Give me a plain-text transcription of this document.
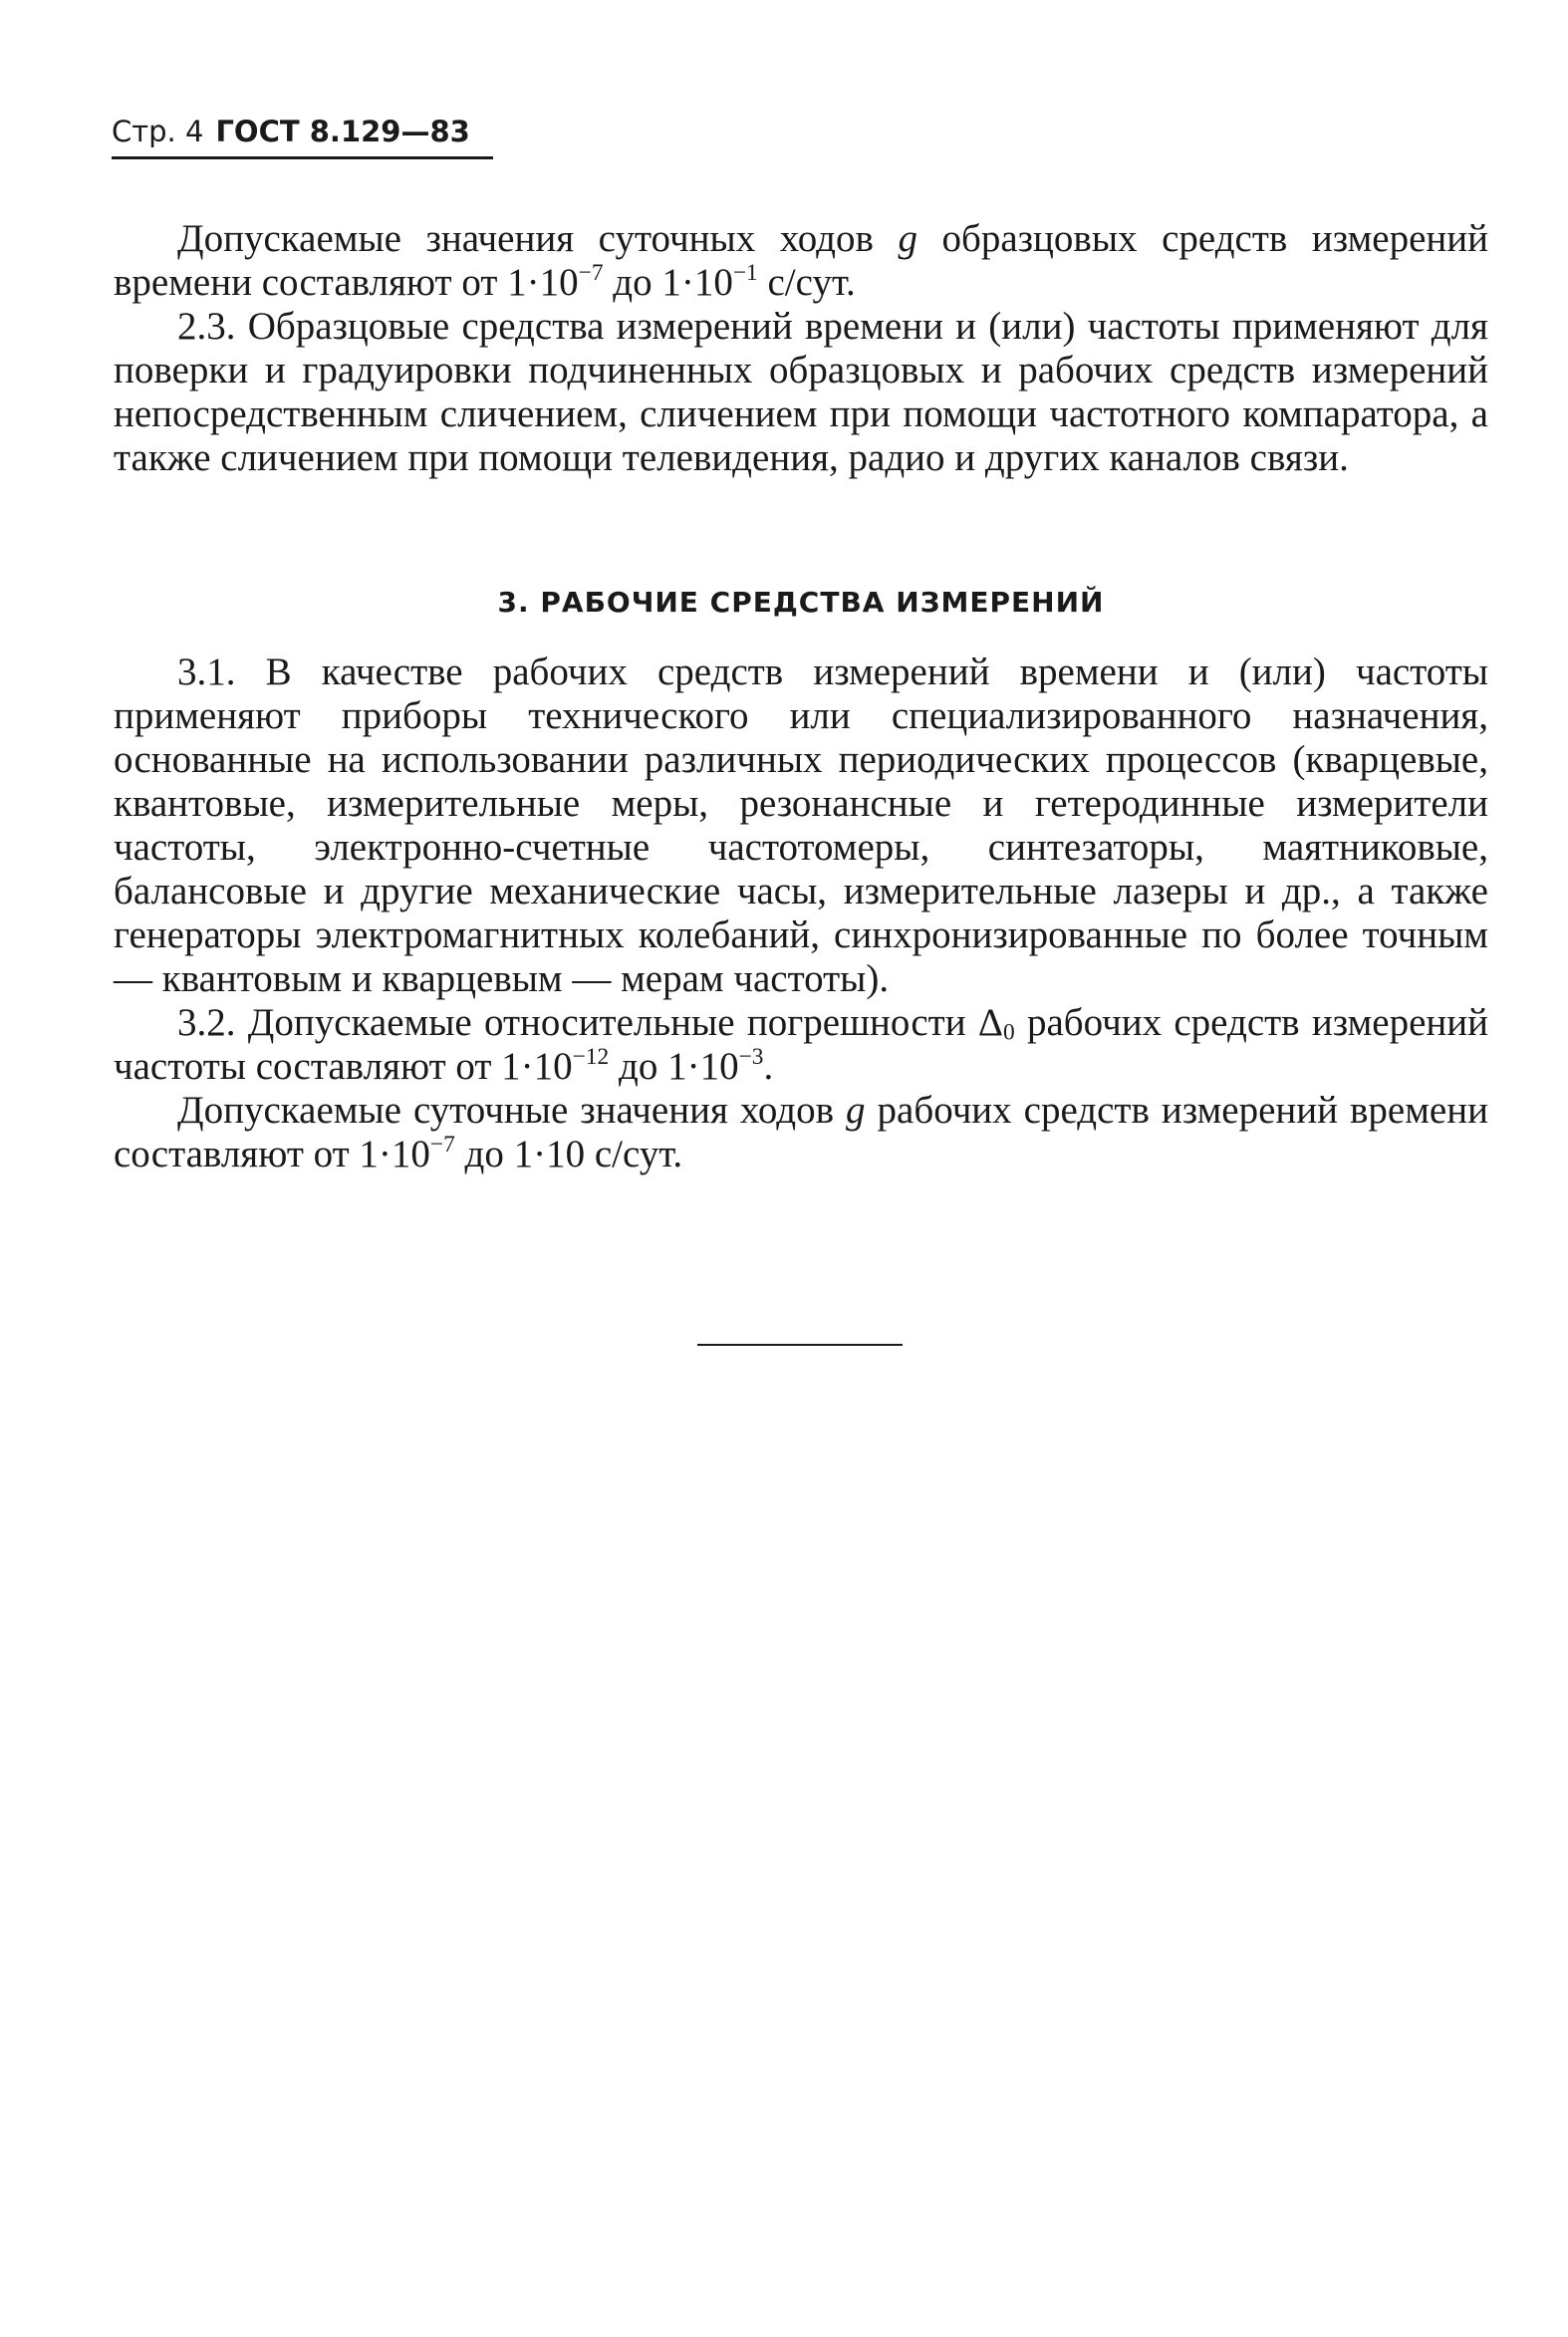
Стр. 4 ГОСТ 8.129—83

Допускаемые значения суточных ходов g образцовых средств измерений времени составляют от $1\cdot 10^{-7}$ до $1\cdot 10^{-1}$ с/сут.

2.3. Образцовые средства измерений времени и (или) частоты применяют для поверки и градуировки подчиненных образцовых и рабочих средств измерений непосредственным сличением, сличением при помощи частотного компаратора, а также сличением при помощи телевидения, радио и других каналов связи.

3. РАБОЧИЕ СРЕДСТВА ИЗМЕРЕНИЙ

3.1. В качестве рабочих средств измерений времени и (или) частоты применяют приборы технического или специализированного назначения, основанные на использовании различных периодических процессов (кварцевые, квантовые, измерительные меры, резонансные и гетеродинные измерители частоты, электронно-счетные частотомеры, синтезаторы, маятниковые, балансовые и другие механические часы, измерительные лазеры и др., а также генераторы электромагнитных колебаний, синхронизированные по более точным — квантовым и кварцевым — мерам частоты).

3.2. Допускаемые относительные погрешности $\Delta_0$ рабочих средств измерений частоты составляют от $1\cdot 10^{-12}$ до $1\cdot 10^{-3}$.

Допускаемые суточные значения ходов g рабочих средств измерений времени составляют от $1\cdot 10^{-7}$ до 1·10 с/сут.
